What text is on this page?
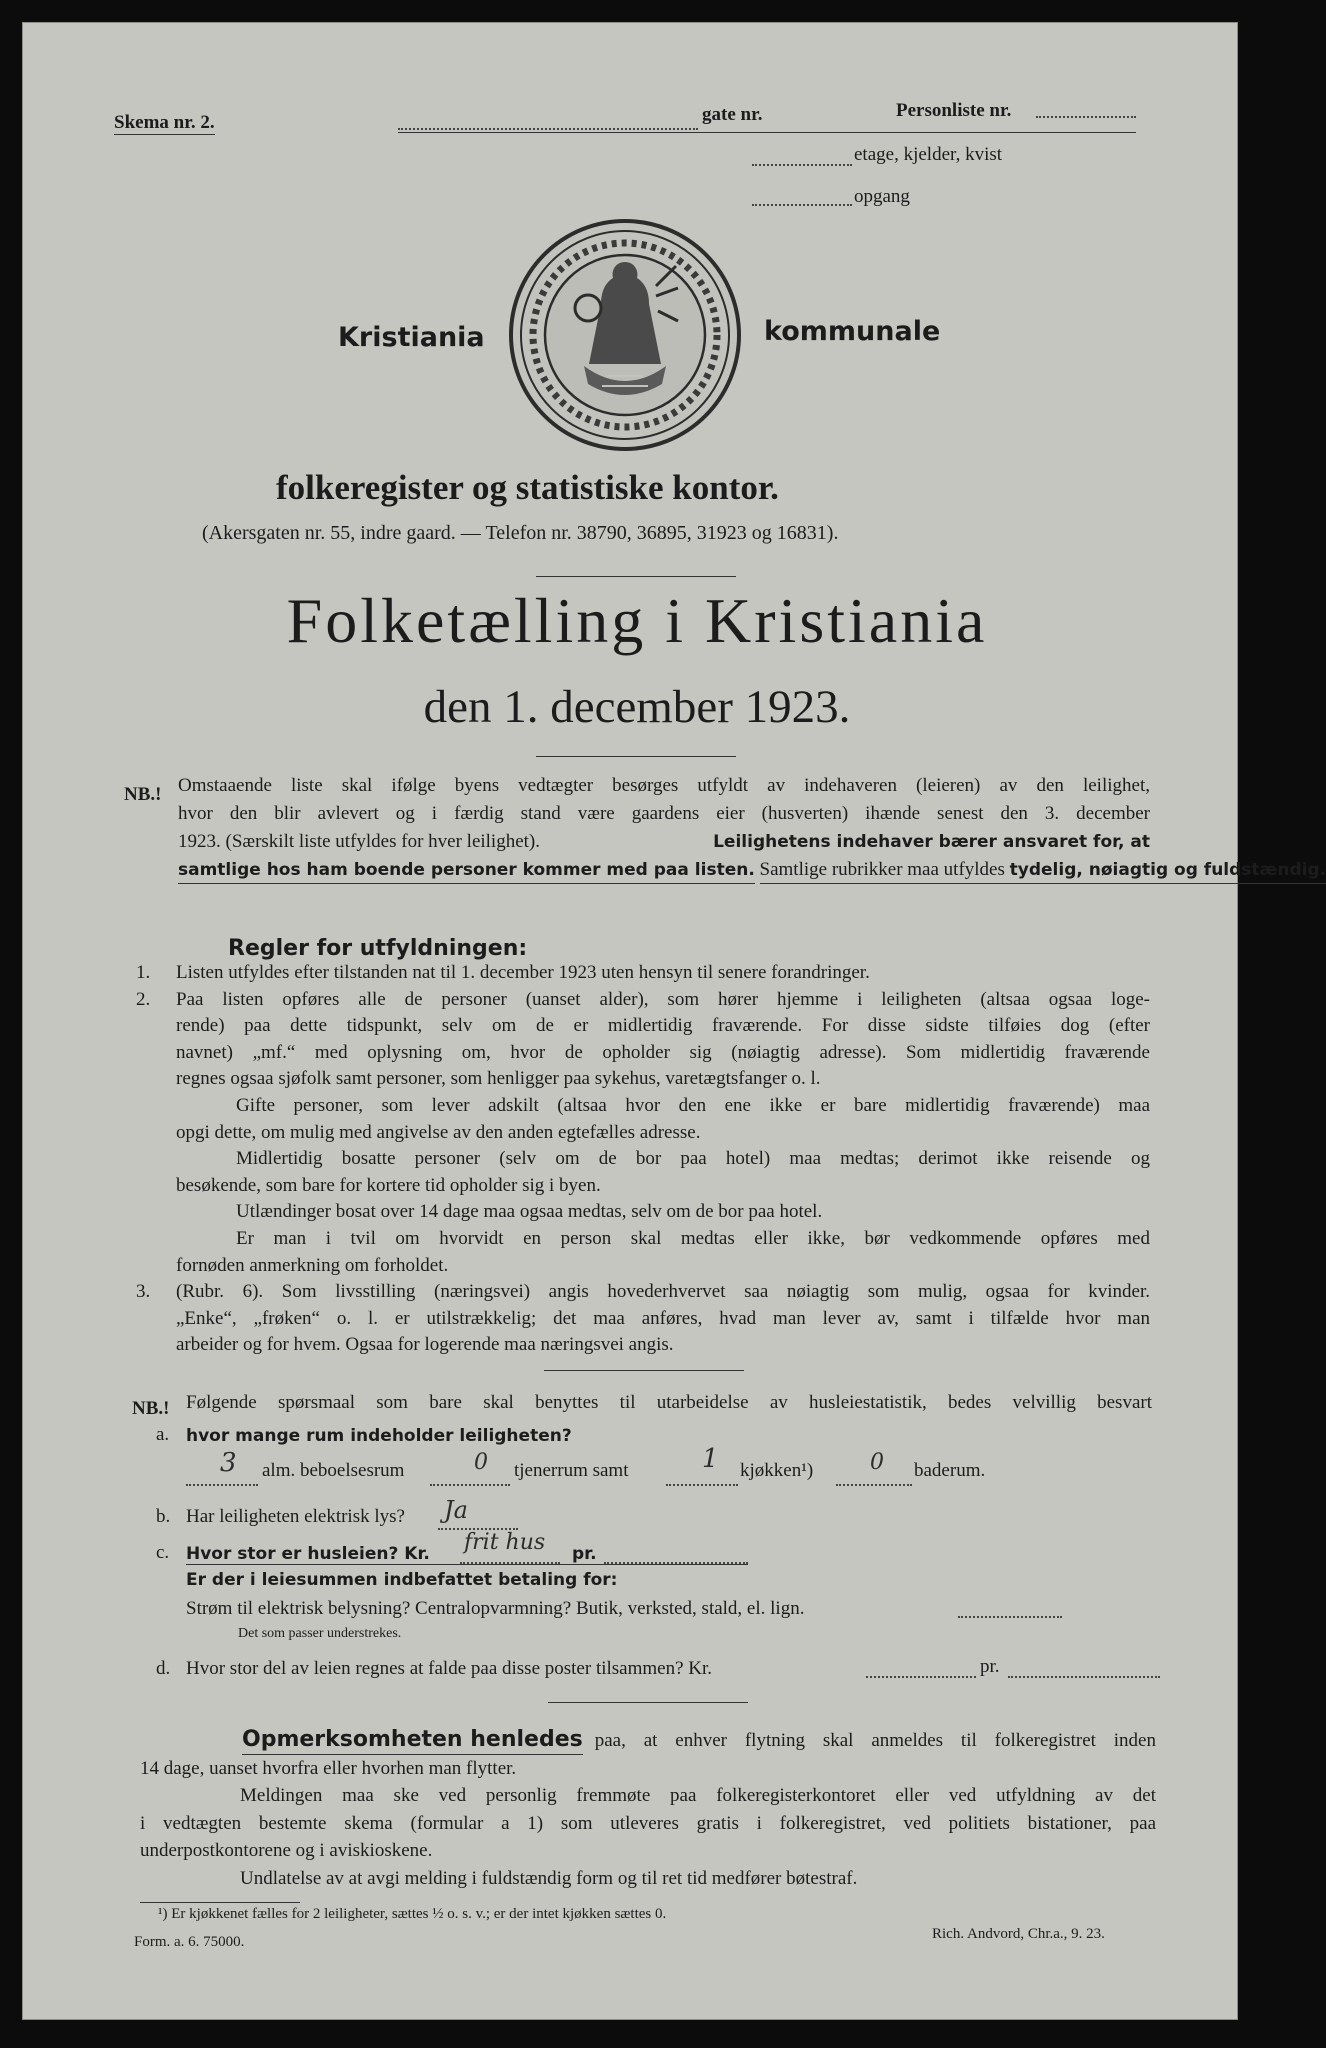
Skema nr. 2.	gate nr.	Personliste nr.
etage, kjelder, kvist
opgang
Kristiania	kommunale
folkeregister og statistiske kontor.
(Akersgaten nr. 55, indre gaard. — Telefon nr. 38790, 36895, 31923 og 16831).
Folketælling i Kristiania
den 1. december 1923.
NB.! Omstaaende liste skal ifølge byens vedtægter besørges utfyldt av indehaveren (leieren) av den leilighet,
hvor den blir avlevert og i færdig stand være gaardens eier (husverten) ihænde senest den 3. december
1923. (Særskilt liste utfyldes for hver leilighet).	Leilighetens indehaver bærer ansvaret for, at
samtlige hos ham boende personer kommer med paa listen. Samtlige rubrikker maa utfyldes tydelig, nøiagtig og fuldstændig.
Regler for utfyldningen:
1.	Listen utfyldes efter tilstanden nat til 1. december 1923 uten hensyn til senere forandringer.
2.	Paa listen opføres alle de personer (uanset alder), som hører hjemme i leiligheten (altsaa ogsaa loge-
rende) paa dette tidspunkt, selv om de er midlertidig fraværende. For disse sidste tilføies dog (efter
navnet) „mf.“ med oplysning om, hvor de opholder sig (nøiagtig adresse). Som midlertidig fraværende
regnes ogsaa sjøfolk samt personer, som henligger paa sykehus, varetægtsfanger o. l.
Gifte personer, som lever adskilt (altsaa hvor den ene ikke er bare midlertidig fraværende) maa
opgi dette, om mulig med angivelse av den anden egtefælles adresse.
Midlertidig bosatte personer (selv om de bor paa hotel) maa medtas; derimot ikke reisende og
besøkende, som bare for kortere tid opholder sig i byen.
Utlændinger bosat over 14 dage maa ogsaa medtas, selv om de bor paa hotel.
Er man i tvil om hvorvidt en person skal medtas eller ikke, bør vedkommende opføres med
fornøden anmerkning om forholdet.
3.	(Rubr. 6). Som livsstilling (næringsvei) angis hovederhvervet saa nøiagtig som mulig, ogsaa for kvinder.
„Enke“, „frøken“ o. l. er utilstrækkelig; det maa anføres, hvad man lever av, samt i tilfælde hvor man
arbeider og for hvem. Ogsaa for logerende maa næringsvei angis.
NB.! Følgende spørsmaal som bare skal benyttes til utarbeidelse av husleiestatistik, bedes velvillig besvart
a. hvor mange rum indeholder leiligheten?
3 alm. beboelsesrum	0 tjenerrum samt	1 kjøkken¹)	0 baderum.
b. Har leiligheten elektrisk lys? Ja
c. Hvor stor er husleien? Kr. frit hus pr.
Er der i leiesummen indbefattet betaling for:
Strøm til elektrisk belysning? Centralopvarmning? Butik, verksted, stald, el. lign.
Det som passer understrekes.
d. Hvor stor del av leien regnes at falde paa disse poster tilsammen? Kr.	pr.
Opmerksomheten henledes paa, at enhver flytning skal anmeldes til folkeregistret inden
14 dage, uanset hvorfra eller hvorhen man flytter.
Meldingen maa ske ved personlig fremmøte paa folkeregisterkontoret eller ved utfyldning av det
i vedtægten bestemte skema (formular a 1) som utleveres gratis i folkeregistret, ved politiets bistationer, paa
underpostkontorene og i aviskioskene.
Undlatelse av at avgi melding i fuldstændig form og til ret tid medfører bøtestraf.
¹) Er kjøkkenet fælles for 2 leiligheter, sættes ½ o. s. v.; er der intet kjøkken sættes 0.
Form. a. 6. 75000.	Rich. Andvord, Chr.a., 9. 23.
